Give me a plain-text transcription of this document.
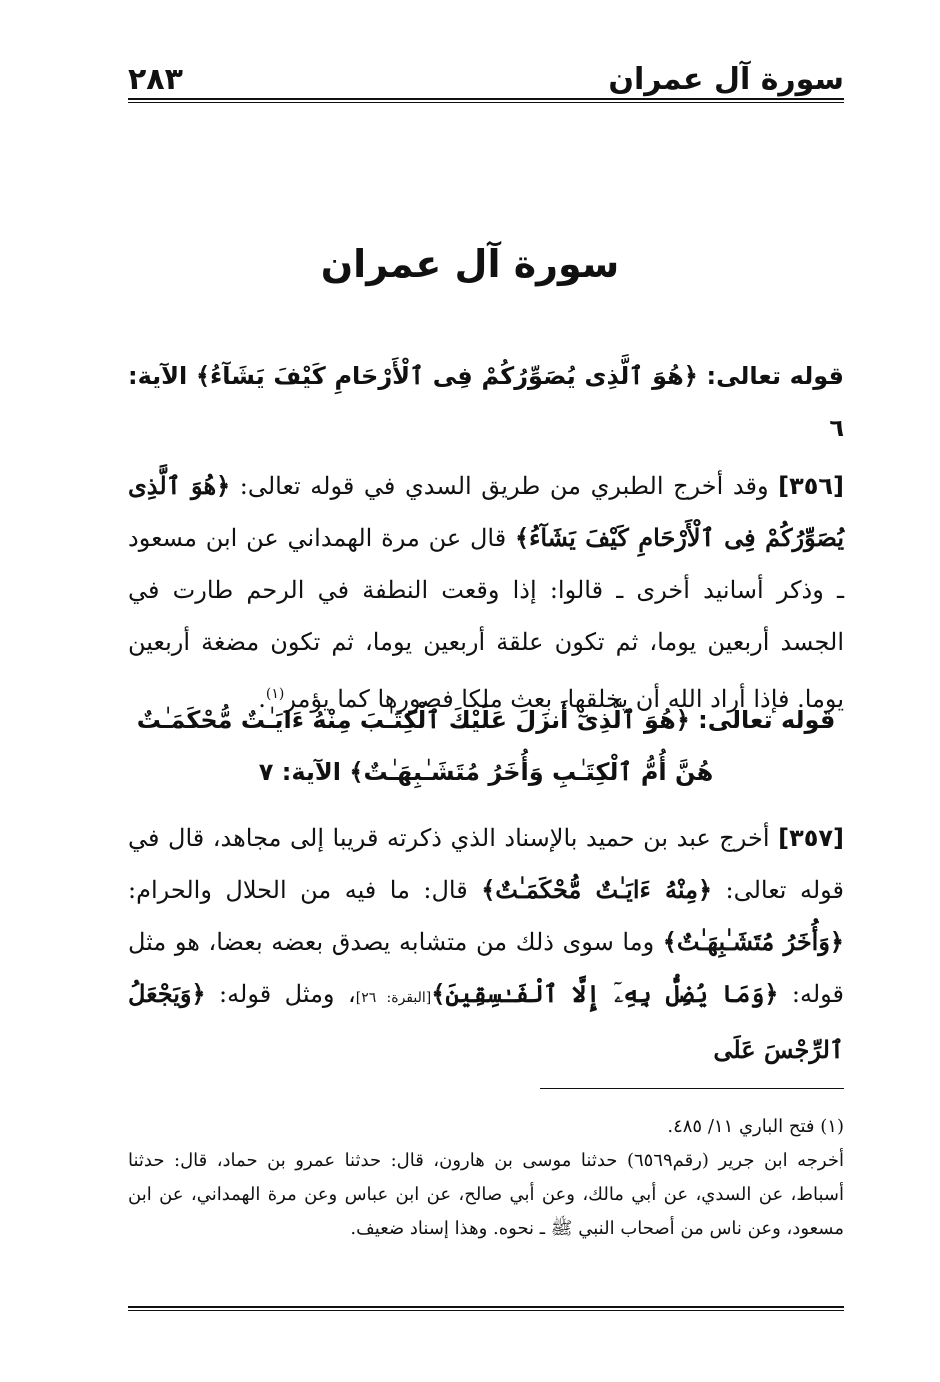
سورة آل عمران
٢٨٣
سورة آل عمران

قوله تعالى: ﴿هُوَ ٱلَّذِى يُصَوِّرُكُمْ فِى ٱلْأَرْحَامِ كَيْفَ يَشَآءُ﴾ الآية: ٦

[٣٥٦] وقد أخرج الطبري من طريق السدي في قوله تعالى: ﴿هُوَ ٱلَّذِى يُصَوِّرُكُمْ فِى ٱلْأَرْحَامِ كَيْفَ يَشَآءُ﴾ قال عن مرة الهمداني عن ابن مسعود ـ وذكر أسانيد أخرى ـ قالوا: إذا وقعت النطفة في الرحم طارت في الجسد أربعين يوما، ثم تكون علقة أربعين يوما، ثم تكون مضغة أربعين يوما. فإذا أراد الله أن يخلقها، بعث ملكا فصورها كما يؤمر$^{(١)}$.

قوله تعالى: ﴿هُوَ ٱلَّذِىٓ أَنزَلَ عَلَيْكَ ٱلْكِتَـٰبَ مِنْهُ ءَايَـٰتٌ مُّحْكَمَـٰتٌ هُنَّ أُمُّ ٱلْكِتَـٰبِ وَأُخَرُ مُتَشَـٰبِهَـٰتٌ﴾ الآية: ٧

[٣٥٧] أخرج عبد بن حميد بالإسناد الذي ذكرته قريبا إلى مجاهد، قال في قوله تعالى: ﴿مِنْهُ ءَايَـٰتٌ مُّحْكَمَـٰتٌ﴾ قال: ما فيه من الحلال والحرام: ﴿وَأُخَرُ مُتَشَـٰبِهَـٰتٌ﴾ وما سوى ذلك من متشابه يصدق بعضه بعضا، هو مثل قوله: ﴿وَمَا يُضِلُّ بِهِۦٓ إِلَّا ٱلْفَـٰسِقِينَ﴾[البقرة: ٢٦]، ومثل قوله: ﴿وَيَجْعَلُ ٱلرِّجْسَ عَلَى

(١) فتح الباري ١١/ ٤٨٥.

أخرجه ابن جرير (رقم٦٥٦٩) حدثنا موسى بن هارون، قال: حدثنا عمرو بن حماد، قال: حدثنا أسباط، عن السدي، عن أبي مالك، وعن أبي صالح، عن ابن عباس وعن مرة الهمداني، عن ابن مسعود، وعن ناس من أصحاب النبي ﷺ ـ نحوه. وهذا إسناد ضعيف.
